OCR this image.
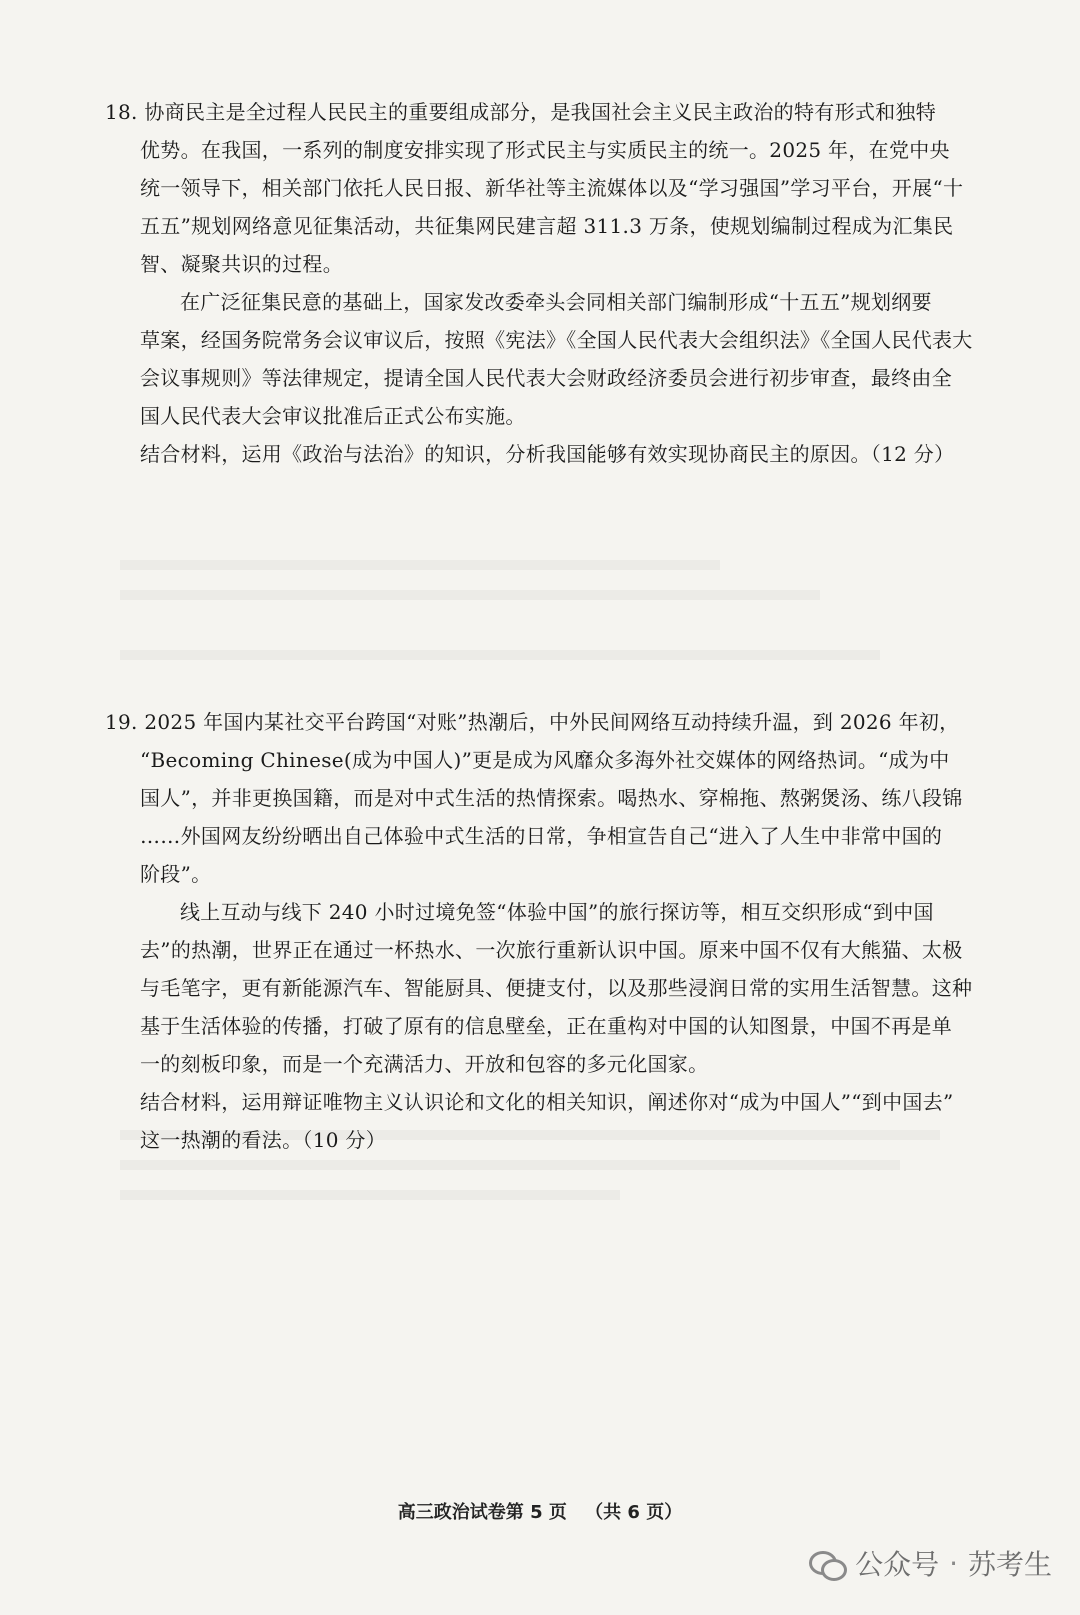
18. 协商民主是全过程人民民主的重要组成部分，是我国社会主义民主政治的特有形式和独特
优势。在我国，一系列的制度安排实现了形式民主与实质民主的统一。2025 年，在党中央
统一领导下，相关部门依托人民日报、新华社等主流媒体以及“学习强国”学习平台，开展“十
五五”规划网络意见征集活动，共征集网民建言超 311.3 万条，使规划编制过程成为汇集民
智、凝聚共识的过程。
在广泛征集民意的基础上，国家发改委牵头会同相关部门编制形成“十五五”规划纲要
草案，经国务院常务会议审议后，按照《宪法》《全国人民代表大会组织法》《全国人民代表大
会议事规则》等法律规定，提请全国人民代表大会财政经济委员会进行初步审查，最终由全
国人民代表大会审议批准后正式公布实施。
结合材料，运用《政治与法治》的知识，分析我国能够有效实现协商民主的原因。（12 分）
19. 2025 年国内某社交平台跨国“对账”热潮后，中外民间网络互动持续升温，到 2026 年初，
“Becoming Chinese(成为中国人)”更是成为风靡众多海外社交媒体的网络热词。“成为中
国人”，并非更换国籍，而是对中式生活的热情探索。喝热水、穿棉拖、熬粥煲汤、练八段锦
……外国网友纷纷晒出自己体验中式生活的日常，争相宣告自己“进入了人生中非常中国的
阶段”。
线上互动与线下 240 小时过境免签“体验中国”的旅行探访等，相互交织形成“到中国
去”的热潮，世界正在通过一杯热水、一次旅行重新认识中国。原来中国不仅有大熊猫、太极
与毛笔字，更有新能源汽车、智能厨具、便捷支付，以及那些浸润日常的实用生活智慧。这种
基于生活体验的传播，打破了原有的信息壁垒，正在重构对中国的认知图景，中国不再是单
一的刻板印象，而是一个充满活力、开放和包容的多元化国家。
结合材料，运用辩证唯物主义认识论和文化的相关知识，阐述你对“成为中国人”“到中国去”
这一热潮的看法。（10 分）
高三政治试卷第 5 页 （共 6 页）
公众号 · 苏考生
